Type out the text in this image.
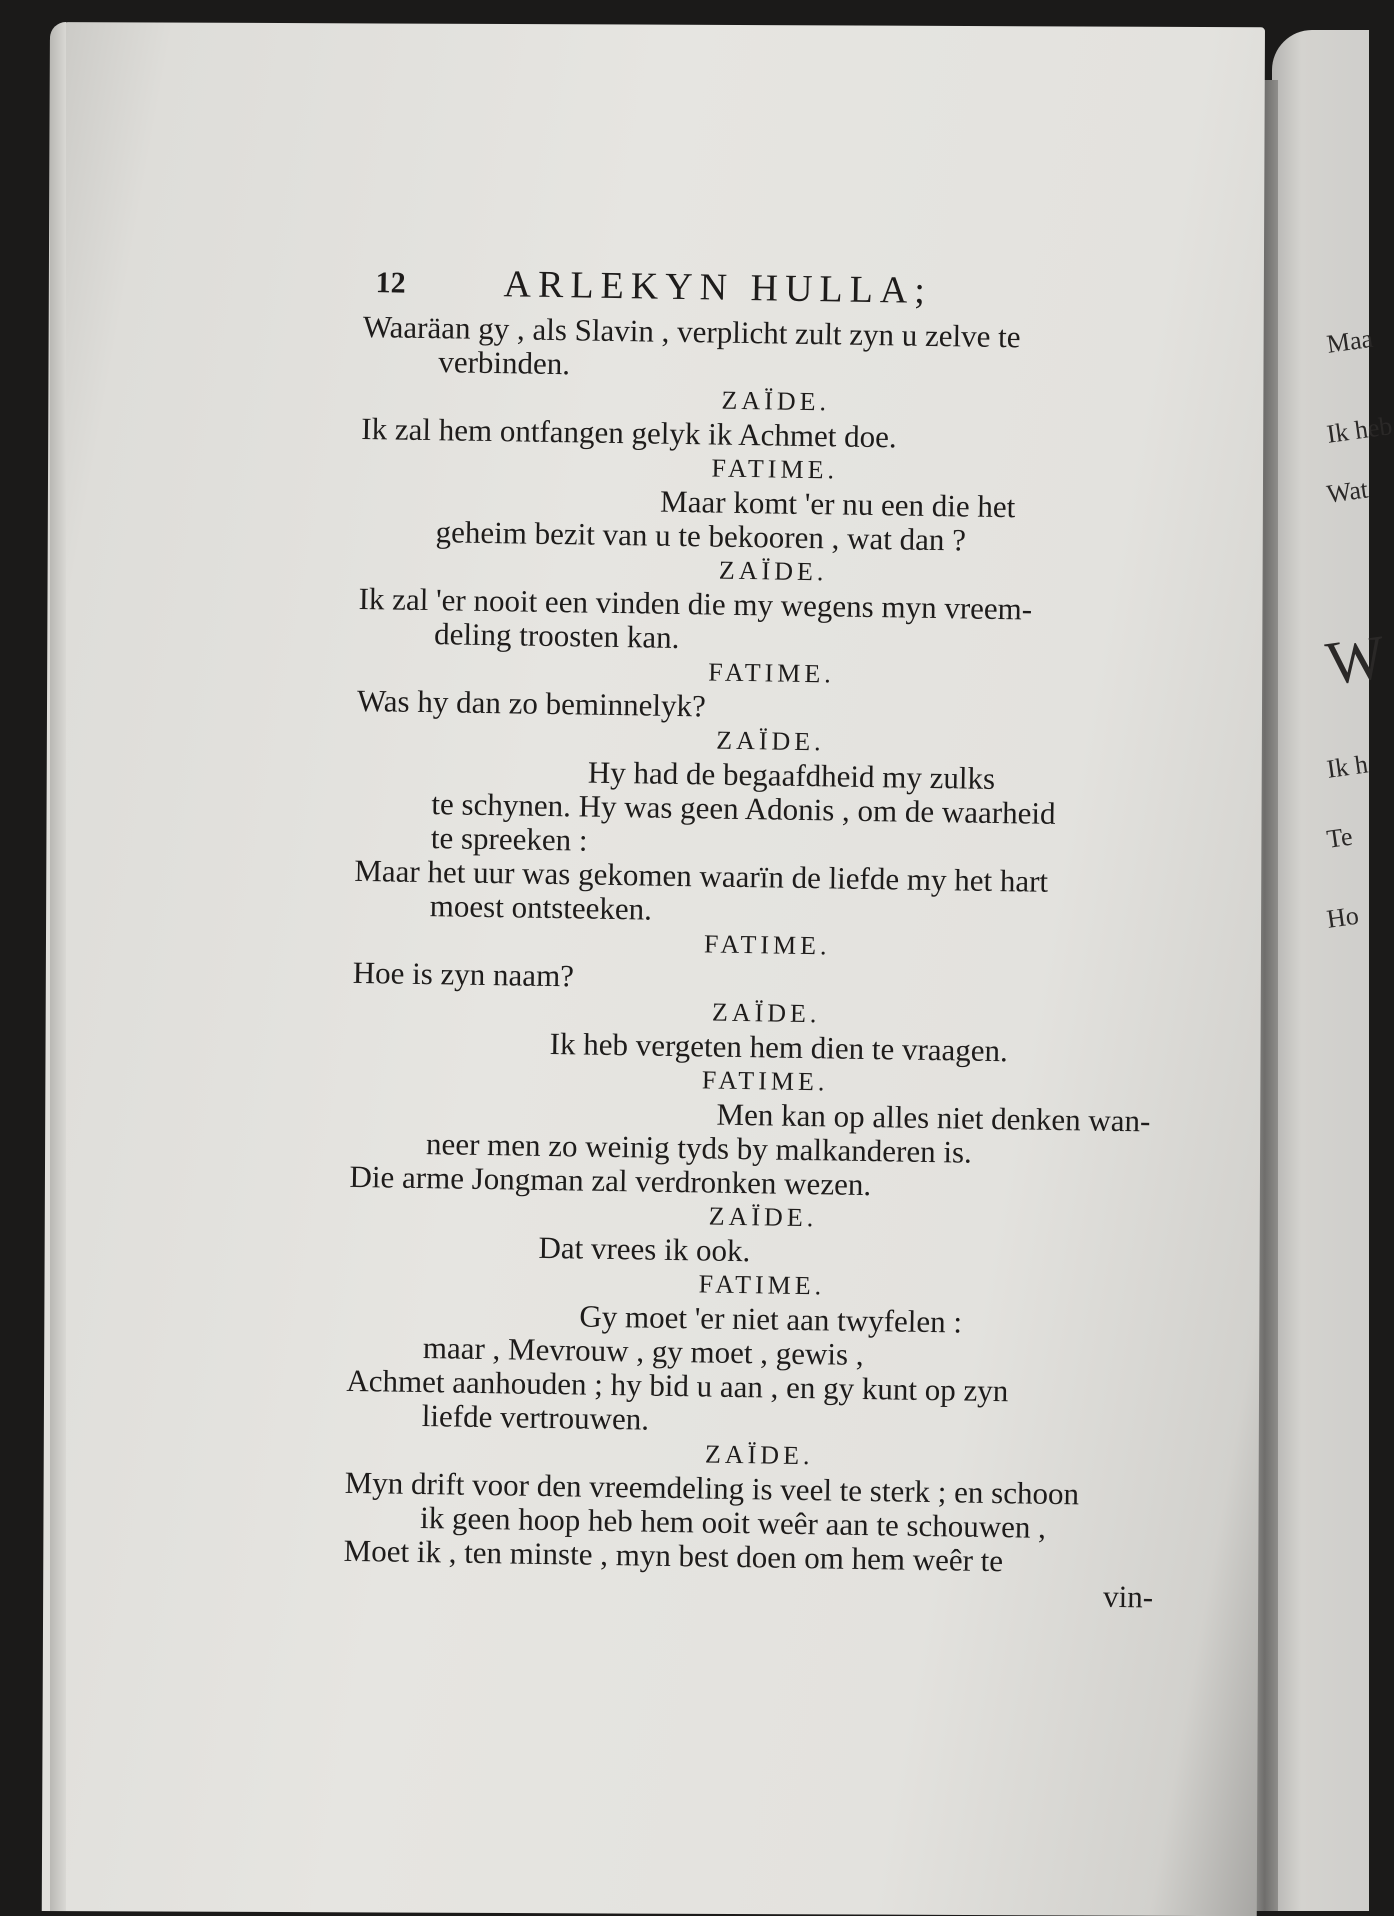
12	ARLEKYN HULLA;
Waaräan gy , als Slavin , verplicht zult zyn u zelve te
verbinden.
ZAÏDE.
Ik zal hem ontfangen gelyk ik Achmet doe.
FATIME.
Maar komt 'er nu een die het
geheim bezit van u te bekooren , wat dan ?
ZAÏDE.
Ik zal 'er nooit een vinden die my wegens myn vreem-
deling troosten kan.
FATIME.
Was hy dan zo beminnelyk?
ZAÏDE.
Hy had de begaafdheid my zulks
te schynen. Hy was geen Adonis , om de waarheid
te spreeken :
Maar het uur was gekomen waarïn de liefde my het hart
moest ontsteeken.
FATIME.
Hoe is zyn naam?
ZAÏDE.
Ik heb vergeten hem dien te vraagen.
FATIME.
Men kan op alles niet denken wan-
neer men zo weinig tyds by malkanderen is.
Die arme Jongman zal verdronken wezen.
ZAÏDE.
Dat vrees ik ook.
FATIME.
Gy moet 'er niet aan twyfelen :
maar , Mevrouw , gy moet , gewis ,
Achmet aanhouden ; hy bid u aan , en gy kunt op zyn
liefde vertrouwen.
ZAÏDE.
Myn drift voor den vreemdeling is veel te sterk ; en schoon
ik geen hoop heb hem ooit weêr aan te schouwen ,
Moet ik , ten minste , myn best doen om hem weêr te
vin-
Maa
Ik heb
Wat
W
Ik h
Te
Ho
